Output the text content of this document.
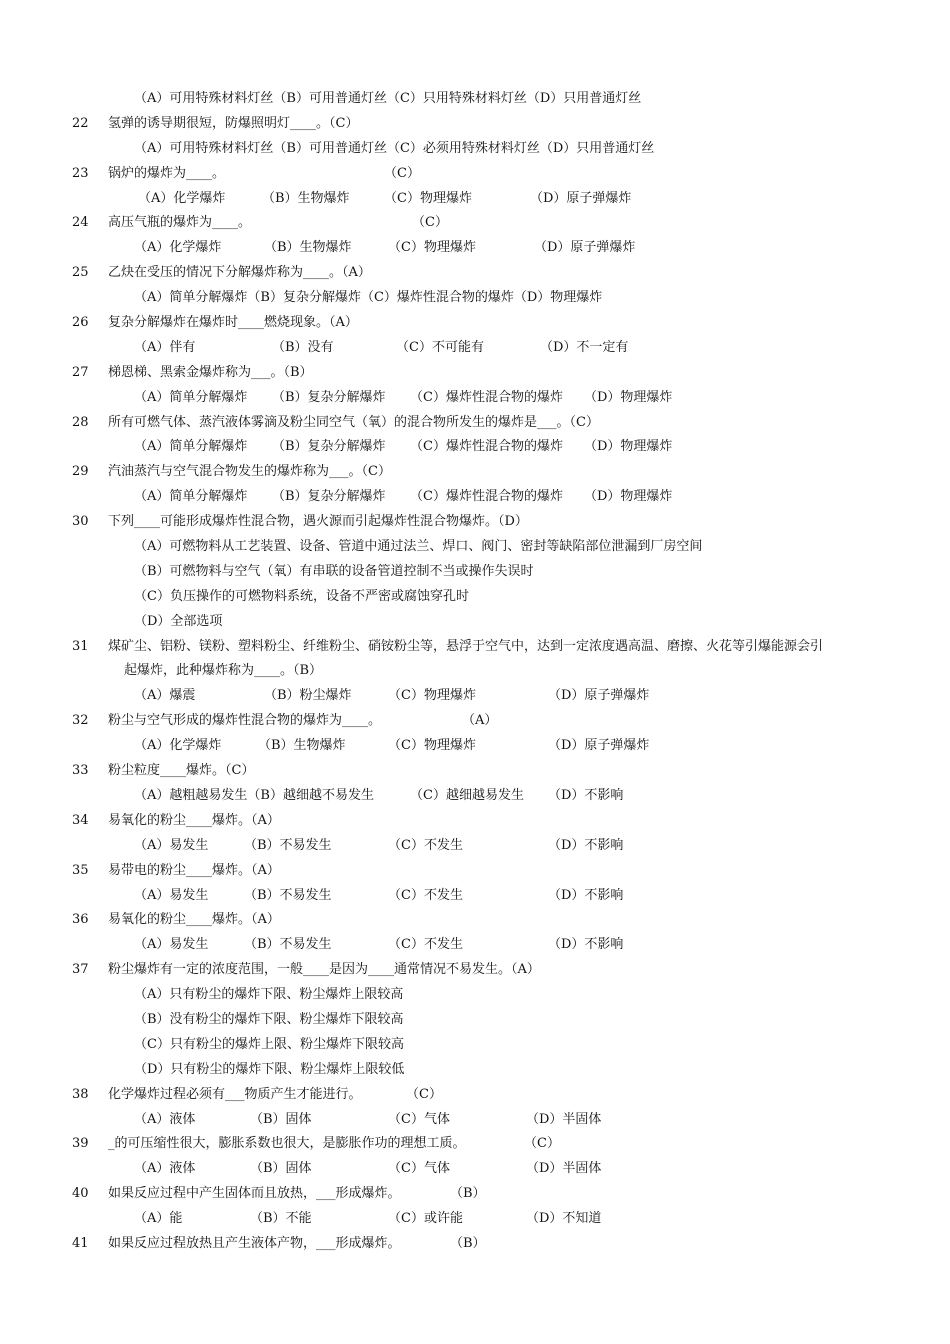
（A）可用特殊材料灯丝（B）可用普通灯丝（C）只用特殊材料灯丝（D）只用普通灯丝
22 氢弹的诱导期很短，防爆照明灯____。（C）
（A）可用特殊材料灯丝（B）可用普通灯丝（C）必须用特殊材料灯丝（D）只用普通灯丝
23 锅炉的爆炸为____。	（C）
（A）化学爆炸	（B）生物爆炸	（C）物理爆炸	（D）原子弹爆炸
24 高压气瓶的爆炸为____。	（C）
（A）化学爆炸	（B）生物爆炸	（C）物理爆炸	（D）原子弹爆炸
25 乙炔在受压的情况下分解爆炸称为____。（A）
（A）简单分解爆炸（B）复杂分解爆炸（C）爆炸性混合物的爆炸（D）物理爆炸
26 复杂分解爆炸在爆炸时____燃烧现象。（A）
（A）伴有	（B）没有	（C）不可能有	（D）不一定有
27 梯恩梯、黑索金爆炸称为___。（B）
（A）简单分解爆炸 （B）复杂分解爆炸 （C）爆炸性混合物的爆炸 （D）物理爆炸
28 所有可燃气体、蒸汽液体雾滴及粉尘同空气（氧）的混合物所发生的爆炸是___。（C）
（A）简单分解爆炸 （B）复杂分解爆炸 （C）爆炸性混合物的爆炸 （D）物理爆炸
29 汽油蒸汽与空气混合物发生的爆炸称为___。（C）
（A）简单分解爆炸 （B）复杂分解爆炸 （C）爆炸性混合物的爆炸 （D）物理爆炸
30 下列____可能形成爆炸性混合物，遇火源而引起爆炸性混合物爆炸。（D）
（A）可燃物料从工艺装置、设备、管道中通过法兰、焊口、阀门、密封等缺陷部位泄漏到厂房空间
（B）可燃物料与空气（氧）有串联的设备管道控制不当或操作失误时
（C）负压操作的可燃物料系统，设备不严密或腐蚀穿孔时
（D）全部选项
31 煤矿尘、铝粉、镁粉、塑料粉尘、纤维粉尘、硝铵粉尘等，悬浮于空气中，达到一定浓度遇高温、磨擦、火花等引爆能源会引
起爆炸，此种爆炸称为____。（B）
（A）爆震	（B）粉尘爆炸	（C）物理爆炸	（D）原子弹爆炸
32 粉尘与空气形成的爆炸性混合物的爆炸为____。	（A）
（A）化学爆炸	（B）生物爆炸	（C）物理爆炸	（D）原子弹爆炸
33 粉尘粒度____爆炸。（C）
（A）越粗越易发生（B）越细越不易发生	（C）越细越易发生 （D）不影响
34 易氧化的粉尘____爆炸。（A）
（A）易发生	（B）不易发生	（C）不发生	（D）不影响
35 易带电的粉尘____爆炸。（A）
（A）易发生	（B）不易发生	（C）不发生	（D）不影响
36 易氧化的粉尘____爆炸。（A）
（A）易发生	（B）不易发生	（C）不发生	（D）不影响
37 粉尘爆炸有一定的浓度范围，一般____是因为____通常情况不易发生。（A）
（A）只有粉尘的爆炸下限、粉尘爆炸上限较高
（B）没有粉尘的爆炸下限、粉尘爆炸下限较高
（C）只有粉尘的爆炸上限、粉尘爆炸下限较高
（D）只有粉尘的爆炸下限、粉尘爆炸上限较低
38 化学爆炸过程必须有___物质产生才能进行。	（C）
（A）液体	（B）固体	（C）气体	（D）半固体
39 _的可压缩性很大，膨胀系数也很大，是膨胀作功的理想工质。	（C）
（A）液体	（B）固体	（C）气体	（D）半固体
40 如果反应过程中产生固体而且放热，___形成爆炸。	（B）
（A）能	（B）不能	（C）或许能	（D）不知道
41 如果反应过程放热且产生液体产物，___形成爆炸。	（B）
